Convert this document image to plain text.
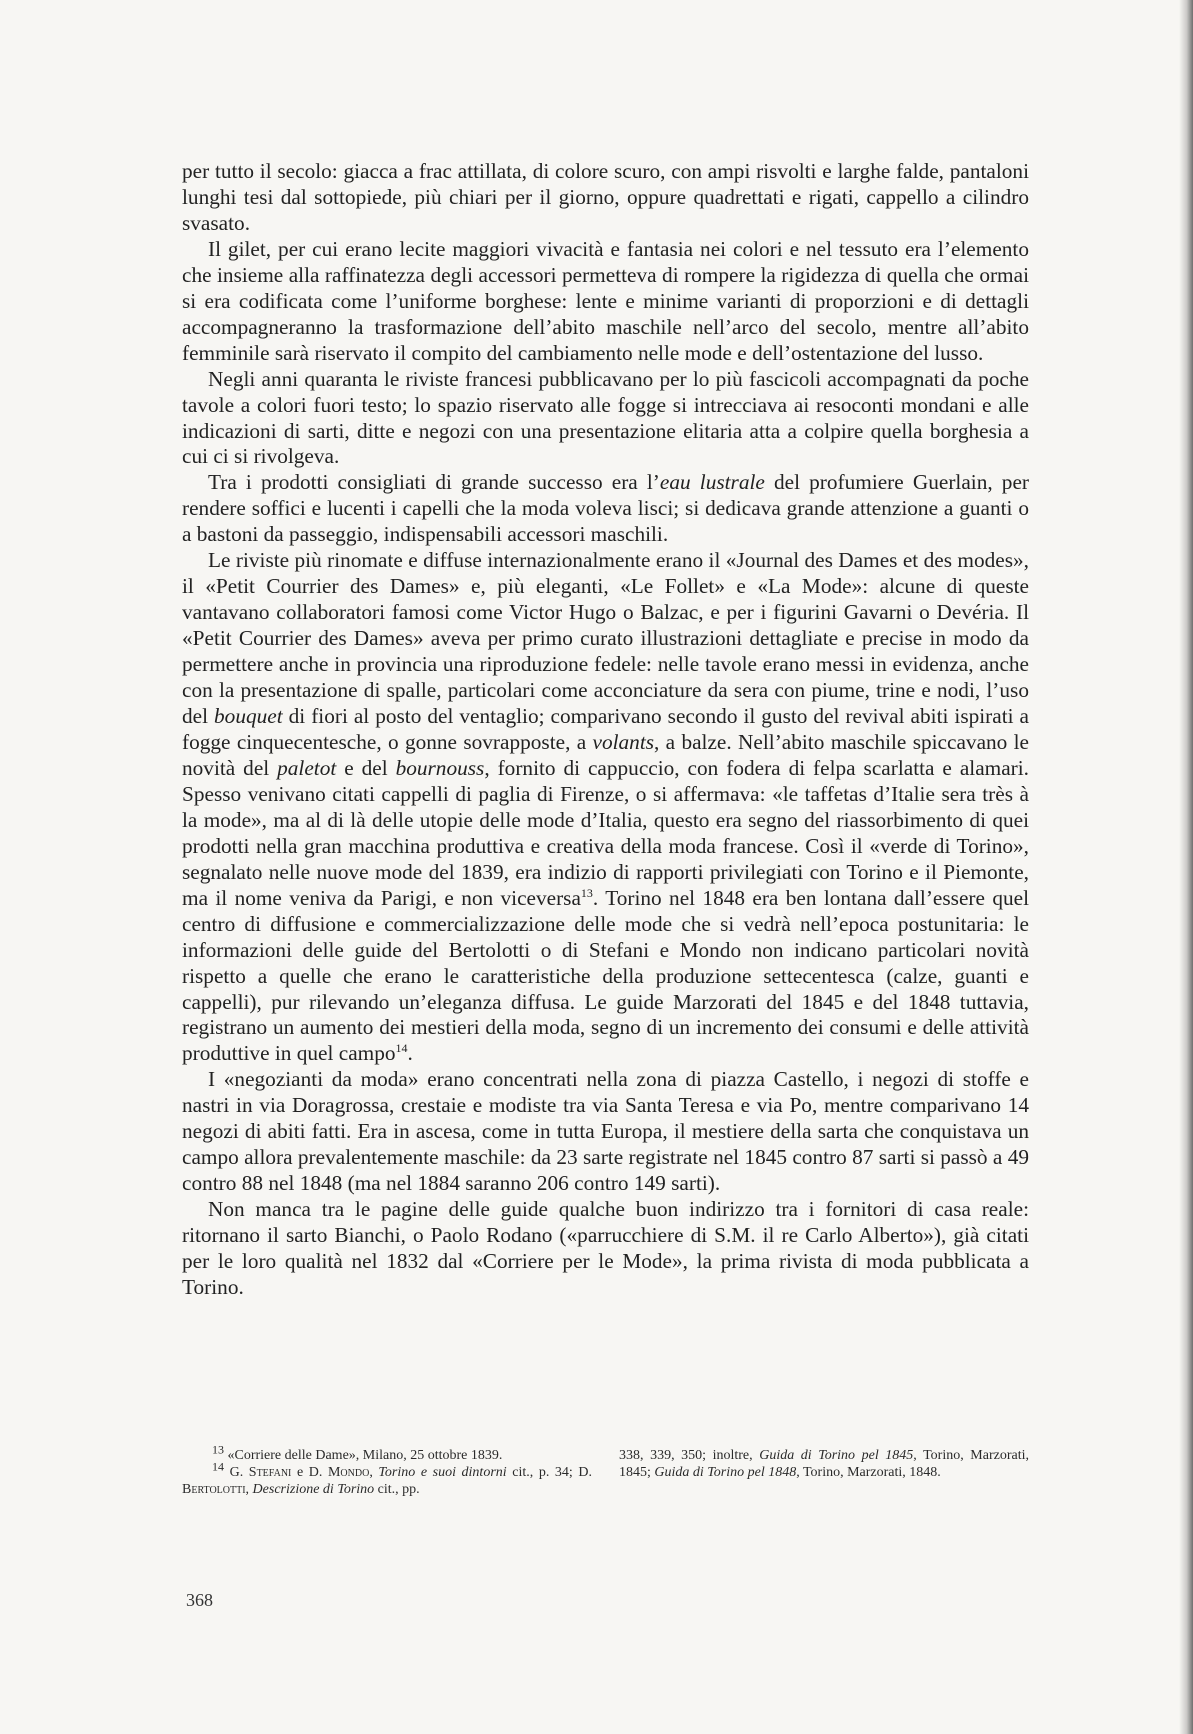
per tutto il secolo: giacca a frac attillata, di colore scuro, con ampi risvolti e larghe falde, pantaloni lunghi tesi dal sottopiede, più chiari per il giorno, oppure quadrettati e rigati, cappello a cilindro svasato.

Il gilet, per cui erano lecite maggiori vivacità e fantasia nei colori e nel tessuto era l’elemento che insieme alla raffinatezza degli accessori permetteva di rompere la rigidezza di quella che ormai si era codificata come l’uniforme borghese: lente e minime varianti di proporzioni e di dettagli accompagneranno la trasformazione dell’abito maschile nell’arco del secolo, mentre all’abito femminile sarà riservato il compito del cambiamento nelle mode e dell’ostentazione del lusso.

Negli anni quaranta le riviste francesi pubblicavano per lo più fascicoli accompagnati da poche tavole a colori fuori testo; lo spazio riservato alle fogge si intrecciava ai resoconti mondani e alle indicazioni di sarti, ditte e negozi con una presentazione elitaria atta a colpire quella borghesia a cui ci si rivolgeva.

Tra i prodotti consigliati di grande successo era l’eau lustrale del profumiere Guerlain, per rendere soffici e lucenti i capelli che la moda voleva lisci; si dedicava grande attenzione a guanti o a bastoni da passeggio, indispensabili accessori maschili.

Le riviste più rinomate e diffuse internazionalmente erano il «Journal des Dames et des modes», il «Petit Courrier des Dames» e, più eleganti, «Le Follet» e «La Mode»: alcune di queste vantavano collaboratori famosi come Victor Hugo o Balzac, e per i figurini Gavarni o Devéria. Il «Petit Courrier des Dames» aveva per primo curato illustrazioni dettagliate e precise in modo da permettere anche in provincia una riproduzione fedele: nelle tavole erano messi in evidenza, anche con la presentazione di spalle, particolari come acconciature da sera con piume, trine e nodi, l’uso del bouquet di fiori al posto del ventaglio; comparivano secondo il gusto del revival abiti ispirati a fogge cinquecentesche, o gonne sovrapposte, a volants, a balze. Nell’abito maschile spiccavano le novità del paletot e del bournouss, fornito di cappuccio, con fodera di felpa scarlatta e alamari. Spesso venivano citati cappelli di paglia di Firenze, o si affermava: «le taffetas d’Italie sera très à la mode», ma al di là delle utopie delle mode d’Italia, questo era segno del riassorbimento di quei prodotti nella gran macchina produttiva e creativa della moda francese. Così il «verde di Torino», segnalato nelle nuove mode del 1839, era indizio di rapporti privilegiati con Torino e il Piemonte, ma il nome veniva da Parigi, e non viceversa$^{13}$. Torino nel 1848 era ben lontana dall’essere quel centro di diffusione e commercializzazione delle mode che si vedrà nell’epoca postunitaria: le informazioni delle guide del Bertolotti o di Stefani e Mondo non indicano particolari novità rispetto a quelle che erano le caratteristiche della produzione settecentesca (calze, guanti e cappelli), pur rilevando un’eleganza diffusa. Le guide Marzorati del 1845 e del 1848 tuttavia, registrano un aumento dei mestieri della moda, segno di un incremento dei consumi e delle attività produttive in quel campo$^{14}$.

I «negozianti da moda» erano concentrati nella zona di piazza Castello, i negozi di stoffe e nastri in via Doragrossa, crestaie e modiste tra via Santa Teresa e via Po, mentre comparivano 14 negozi di abiti fatti. Era in ascesa, come in tutta Europa, il mestiere della sarta che conquistava un campo allora prevalentemente maschile: da 23 sarte registrate nel 1845 contro 87 sarti si passò a 49 contro 88 nel 1848 (ma nel 1884 saranno 206 contro 149 sarti).

Non manca tra le pagine delle guide qualche buon indirizzo tra i fornitori di casa reale: ritornano il sarto Bianchi, o Paolo Rodano («parrucchiere di S.M. il re Carlo Alberto»), già citati per le loro qualità nel 1832 dal «Corriere per le Mode», la prima rivista di moda pubblicata a Torino.

$^{13}$ «Corriere delle Dame», Milano, 25 ottobre 1839.

$^{14}$ G. Stefani e D. Mondo, Torino e suoi dintorni cit., p. 34; D. Bertolotti, Descrizione di Torino cit., pp.

338, 339, 350; inoltre, Guida di Torino pel 1845, Torino, Marzorati, 1845; Guida di Torino pel 1848, Torino, Marzorati, 1848.

368
